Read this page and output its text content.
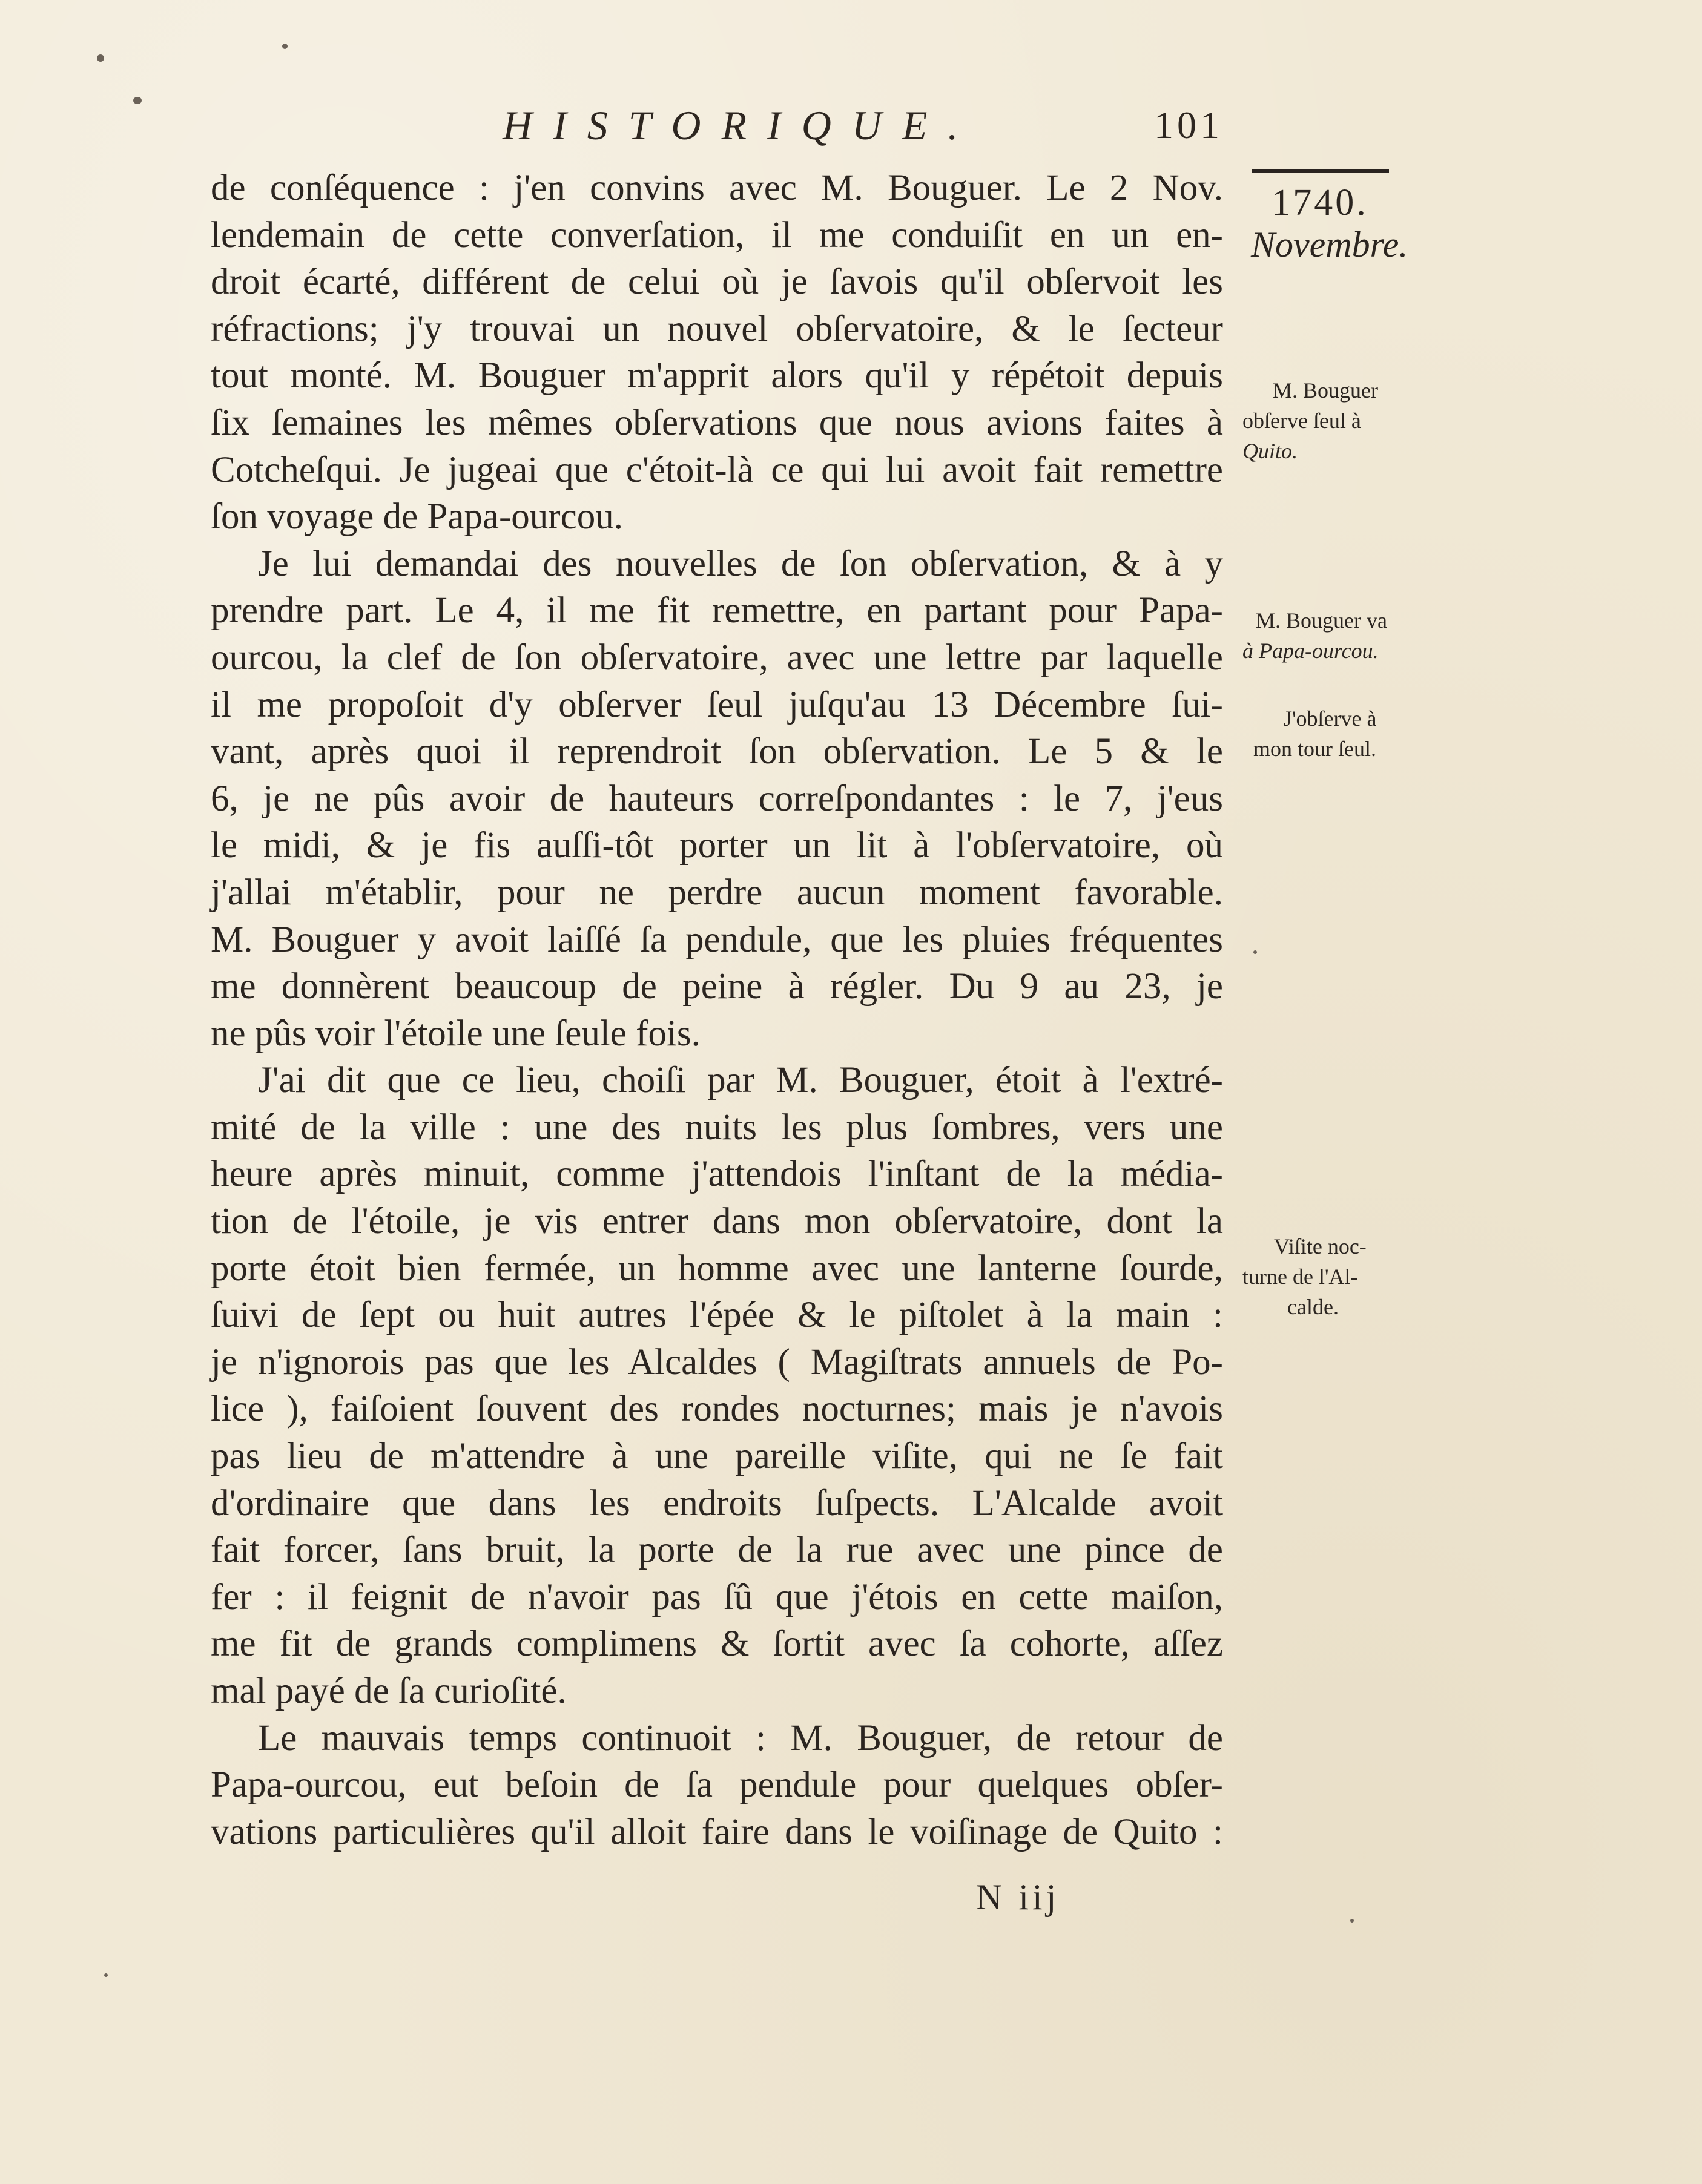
HISTORIQUE.	101
1740.
Novembre.
M. Bouguer
obſerve ſeul à
Quito.
M. Bouguer va
à Papa-ourcou.
J'obſerve à
mon tour ſeul.
Viſite noc-
turne de l'Al-
calde.
de conſéquence : j'en convins avec M. Bouguer. Le 2 Nov.
lendemain de cette converſation, il me conduiſit en un en-
droit écarté, différent de celui où je ſavois qu'il obſervoit les
réfractions; j'y trouvai un nouvel obſervatoire, & le ſecteur
tout monté. M. Bouguer m'apprit alors qu'il y répétoit depuis
ſix ſemaines les mêmes obſervations que nous avions faites à
Cotcheſqui. Je jugeai que c'étoit-là ce qui lui avoit fait remettre
ſon voyage de Papa-ourcou.
Je lui demandai des nouvelles de ſon obſervation, & à y
prendre part. Le 4, il me fit remettre, en partant pour Papa-
ourcou, la clef de ſon obſervatoire, avec une lettre par laquelle
il me propoſoit d'y obſerver ſeul juſqu'au 13 Décembre ſui-
vant, après quoi il reprendroit ſon obſervation. Le 5 & le
6, je ne pûs avoir de hauteurs correſpondantes : le 7, j'eus
le midi, & je fis auſſi-tôt porter un lit à l'obſervatoire, où
j'allai m'établir, pour ne perdre aucun moment favorable.
M. Bouguer y avoit laiſſé ſa pendule, que les pluies fréquentes
me donnèrent beaucoup de peine à régler. Du 9 au 23, je
ne pûs voir l'étoile une ſeule fois.
J'ai dit que ce lieu, choiſi par M. Bouguer, étoit à l'extré-
mité de la ville : une des nuits les plus ſombres, vers une
heure après minuit, comme j'attendois l'inſtant de la média-
tion de l'étoile, je vis entrer dans mon obſervatoire, dont la
porte étoit bien fermée, un homme avec une lanterne ſourde,
ſuivi de ſept ou huit autres l'épée & le piſtolet à la main :
je n'ignorois pas que les Alcaldes ( Magiſtrats annuels de Po-
lice ), faiſoient ſouvent des rondes nocturnes; mais je n'avois
pas lieu de m'attendre à une pareille viſite, qui ne ſe fait
d'ordinaire que dans les endroits ſuſpects. L'Alcalde avoit
fait forcer, ſans bruit, la porte de la rue avec une pince de
fer : il feignit de n'avoir pas ſû que j'étois en cette maiſon,
me fit de grands complimens & ſortit avec ſa cohorte, aſſez
mal payé de ſa curioſité.
Le mauvais temps continuoit : M. Bouguer, de retour de
Papa-ourcou, eut beſoin de ſa pendule pour quelques obſer-
vations particulières qu'il alloit faire dans le voiſinage de Quito :
N iij
